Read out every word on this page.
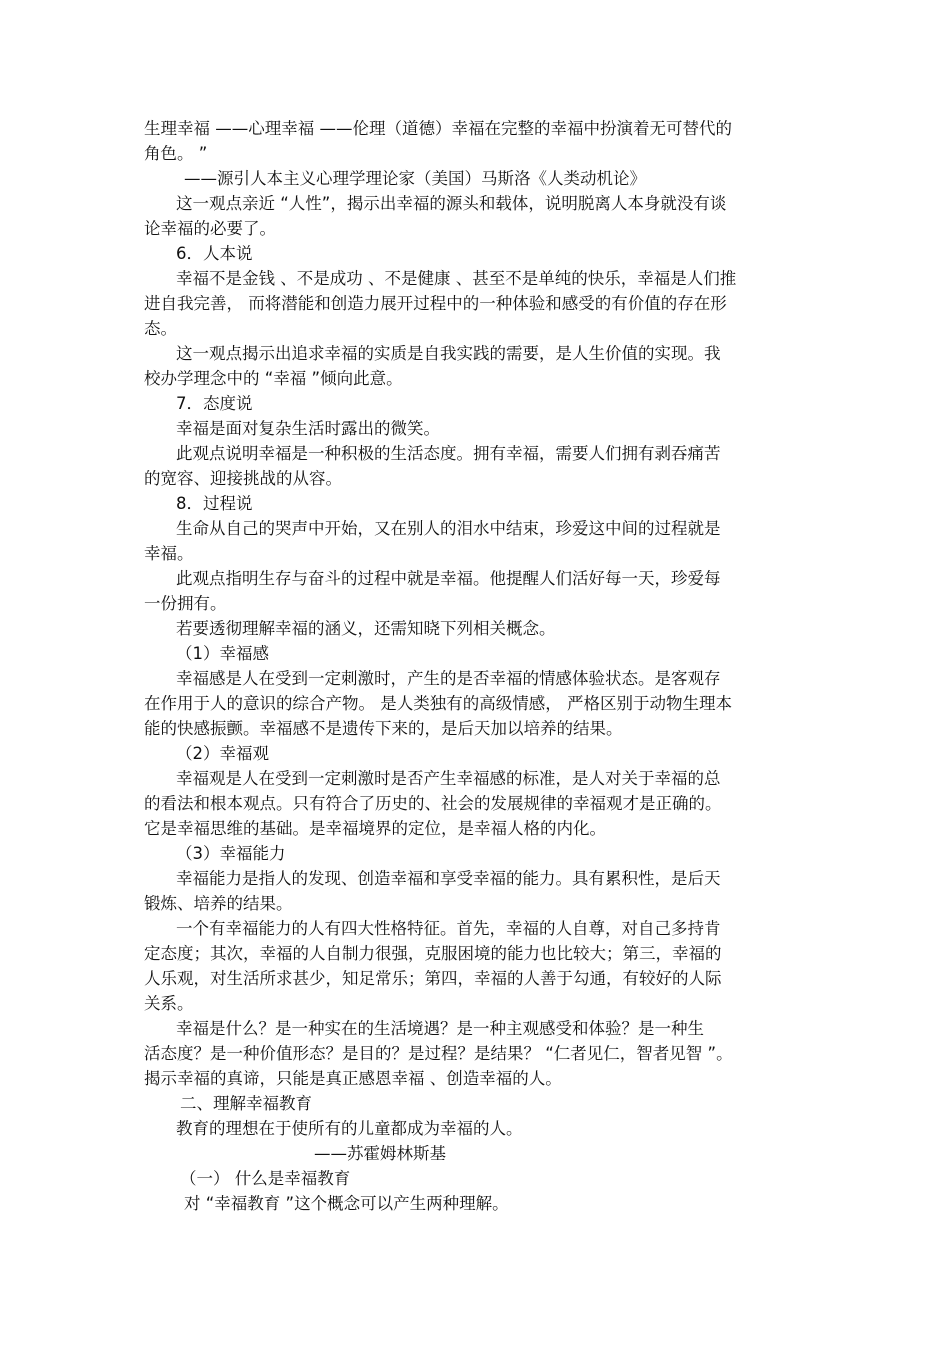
生理幸福 ——心理幸福 ——伦理（道德）幸福在完整的幸福中扮演着无可替代的
角色。 ”
——源引人本主义心理学理论家（美国）马斯洛《人类动机论》
这一观点亲近 “人性”，揭示出幸福的源头和载体，说明脱离人本身就没有谈
论幸福的必要了。
6．人本说
幸福不是金钱 、不是成功 、不是健康 、甚至不是单纯的快乐，幸福是人们推
进自我完善， 而将潜能和创造力展开过程中的一种体验和感受的有价值的存在形
态。
这一观点揭示出追求幸福的实质是自我实践的需要，是人生价值的实现。我
校办学理念中的 “幸福 ”倾向此意。
7．态度说
幸福是面对复杂生活时露出的微笑。
此观点说明幸福是一种积极的生活态度。拥有幸福，需要人们拥有剥吞痛苦
的宽容、迎接挑战的从容。
8．过程说
生命从自己的哭声中开始，又在别人的泪水中结束，珍爱这中间的过程就是
幸福。
此观点指明生存与奋斗的过程中就是幸福。他提醒人们活好每一天，珍爱每
一份拥有。
若要透彻理解幸福的涵义，还需知晓下列相关概念。
（1）幸福感
幸福感是人在受到一定刺激时，产生的是否幸福的情感体验状态。是客观存
在作用于人的意识的综合产物。 是人类独有的高级情感， 严格区别于动物生理本
能的快感振颤。幸福感不是遗传下来的，是后天加以培养的结果。
（2）幸福观
幸福观是人在受到一定刺激时是否产生幸福感的标准，是人对关于幸福的总
的看法和根本观点。只有符合了历史的、社会的发展规律的幸福观才是正确的。
它是幸福思维的基础。是幸福境界的定位，是幸福人格的内化。
（3）幸福能力
幸福能力是指人的发现、创造幸福和享受幸福的能力。具有累积性，是后天
锻炼、培养的结果。
一个有幸福能力的人有四大性格特征。首先，幸福的人自尊，对自己多持肯
定态度；其次，幸福的人自制力很强，克服困境的能力也比较大；第三，幸福的
人乐观，对生活所求甚少，知足常乐；第四，幸福的人善于勾通，有较好的人际
关系。
幸福是什么？是一种实在的生活境遇？是一种主观感受和体验？是一种生
活态度？是一种价值形态？是目的？是过程？是结果？ “仁者见仁，智者见智 ”。
揭示幸福的真谛，只能是真正感恩幸福 、创造幸福的人。
二、理解幸福教育
教育的理想在于使所有的儿童都成为幸福的人。
——苏霍姆林斯基
（一） 什么是幸福教育
对 “幸福教育 ”这个概念可以产生两种理解。
